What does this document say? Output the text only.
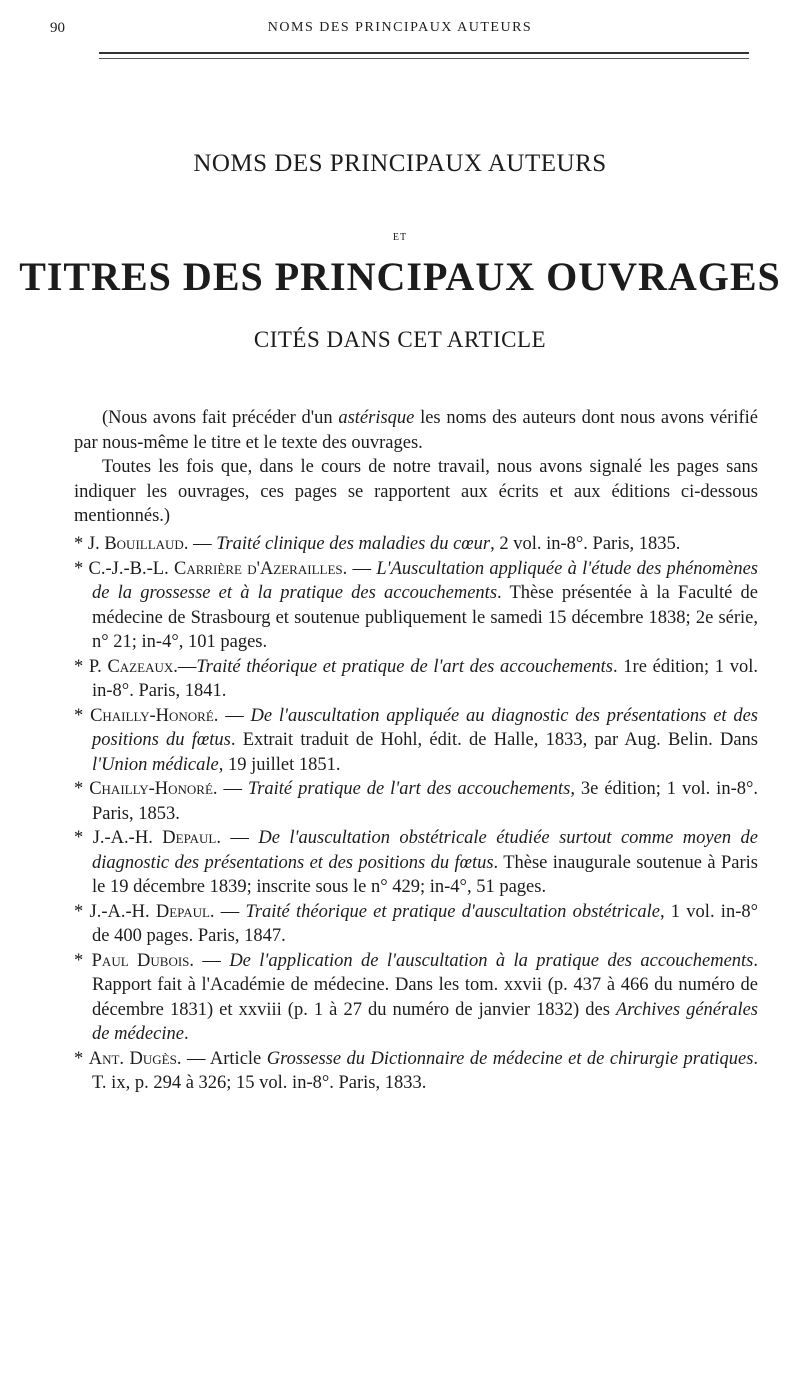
90	NOMS DES PRINCIPAUX AUTEURS
NOMS DES PRINCIPAUX AUTEURS
ET
TITRES DES PRINCIPAUX OUVRAGES
CITÉS DANS CET ARTICLE

(Nous avons fait précéder d'un astérisque les noms des auteurs dont nous avons vérifié par nous-même le titre et le texte des ouvrages.

Toutes les fois que, dans le cours de notre travail, nous avons signalé les pages sans indiquer les ouvrages, ces pages se rapportent aux écrits et aux éditions ci-dessous mentionnés.)

* J. Bouillaud. — Traité clinique des maladies du cœur, 2 vol. in-8°. Paris, 1835.

* C.-J.-B.-L. Carrière d'Azerailles. — L'Auscultation appliquée à l'étude des phénomènes de la grossesse et à la pratique des accouchements. Thèse présentée à la Faculté de médecine de Strasbourg et soutenue publiquement le samedi 15 décembre 1838; 2e série, n° 21; in-4°, 101 pages.

* P. Cazeaux.—Traité théorique et pratique de l'art des accouchements. 1re édition; 1 vol. in-8°. Paris, 1841.

* Chailly-Honoré. — De l'auscultation appliquée au diagnostic des présentations et des positions du fœtus. Extrait traduit de Hohl, édit. de Halle, 1833, par Aug. Belin. Dans l'Union médicale, 19 juillet 1851.

* Chailly-Honoré. — Traité pratique de l'art des accouchements, 3e édition; 1 vol. in-8°. Paris, 1853.

* J.-A.-H. Depaul. — De l'auscultation obstétricale étudiée surtout comme moyen de diagnostic des présentations et des positions du fœtus. Thèse inaugurale soutenue à Paris le 19 décembre 1839; inscrite sous le n° 429; in-4°, 51 pages.

* J.-A.-H. Depaul. — Traité théorique et pratique d'auscultation obstétricale, 1 vol. in-8° de 400 pages. Paris, 1847.

* Paul Dubois. — De l'application de l'auscultation à la pratique des accouchements. Rapport fait à l'Académie de médecine. Dans les tom. xxvii (p. 437 à 466 du numéro de décembre 1831) et xxviii (p. 1 à 27 du numéro de janvier 1832) des Archives générales de médecine.

* Ant. Dugès. — Article Grossesse du Dictionnaire de médecine et de chirurgie pratiques. T. ix, p. 294 à 326; 15 vol. in-8°. Paris, 1833.
